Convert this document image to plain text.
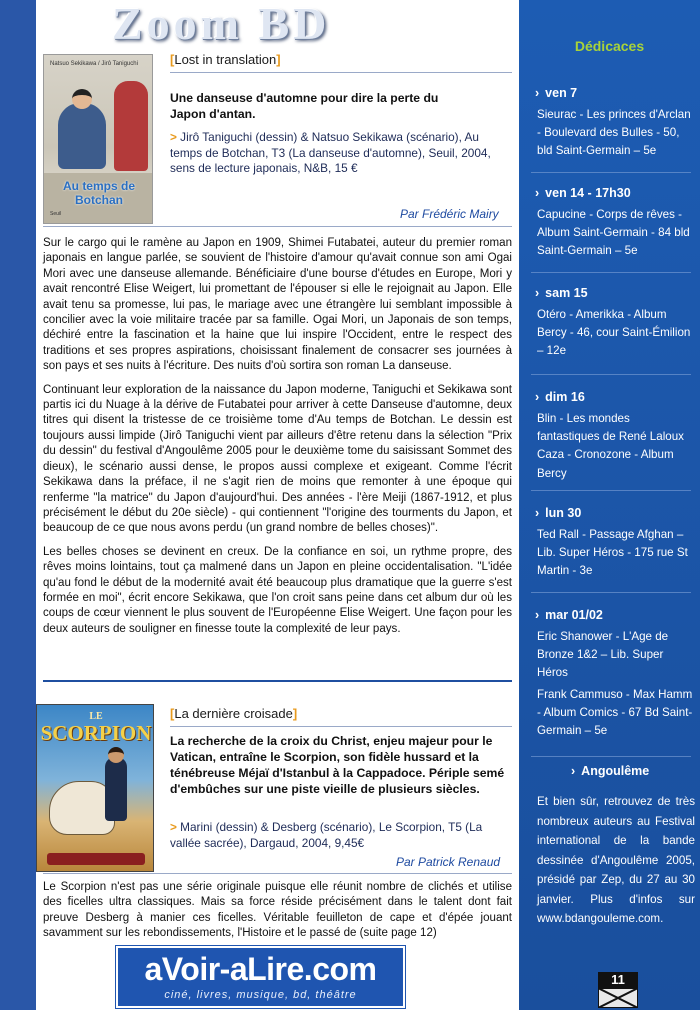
Zoom BD
Natsuo Sekikawa / Jirô Taniguchi
Au temps de Botchan
Seuil
[Lost in translation]
Une danseuse d'automne pour dire la perte du Japon d'antan.
> Jirô Taniguchi (dessin) & Natsuo Sekikawa (scénario), Au temps de Botchan, T3 (La danseuse d'automne), Seuil, 2004, sens de lecture japonais, N&B, 15 €
Par Frédéric Mairy

Sur le cargo qui le ramène au Japon en 1909, Shimei Futabatei, auteur du premier roman japonais en langue parlée, se souvient de l'histoire d'amour qu'avait connue son ami Ogai Mori avec une danseuse allemande. Bénéficiaire d'une bourse d'études en Europe, Mori y avait rencontré Elise Weigert, lui promettant de l'épouser si elle le rejoignait au Japon. Elle avait tenu sa promesse, lui pas, le mariage avec une étrangère lui semblant impossible à concilier avec la voie militaire tracée par sa famille. Ogai Mori, un Japonais de son temps, déchiré entre la fascination et la haine que lui inspire l'Occident, entre le respect des traditions et ses propres aspirations, choisissant finalement de consacrer ses journées à son pays et ses nuits à l'écriture. Des nuits d'où sortira son roman La danseuse.

Continuant leur exploration de la naissance du Japon moderne, Taniguchi et Sekikawa sont partis ici du Nuage à la dérive de Futabatei pour arriver à cette Danseuse d'automne, deux titres qui disent la tristesse de ce troisième tome d'Au temps de Botchan. Le dessin est toujours aussi limpide (Jirô Taniguchi vient par ailleurs d'être retenu dans la sélection "Prix du dessin" du festival d'Angoulême 2005 pour le deuxième tome du saisissant Sommet des dieux), le scénario aussi dense, le propos aussi complexe et exigeant. Comme l'écrit Sekikawa dans la préface, il ne s'agit rien de moins que remonter à une époque qui renferme "la matrice" du Japon d'aujourd'hui. Des années - l'ère Meiji (1867-1912, et plus précisément le début du 20e siècle) - qui contiennent "l'origine des tourments du Japon, et beaucoup de ce que nous avons perdu (un grand nombre de belles choses)".

Les belles choses se devinent en creux. De la confiance en soi, un rythme propre, des rêves moins lointains, tout ça malmené dans un Japon en pleine occidentalisation. "L'idée qu'au fond le début de la modernité avait été beaucoup plus dramatique que la guerre s'est formée en moi", écrit encore Sekikawa, que l'on croit sans peine dans cet album dur où les coups de cœur viennent le plus souvent de l'Européenne Elise Weigert. Une façon pour les deux auteurs de souligner en finesse toute la complexité de leur pays.

LE
SCORPION
[La dernière croisade]
La recherche de la croix du Christ, enjeu majeur pour le Vatican, entraîne le Scorpion, son fidèle hussard et la ténébreuse Méjaï d'Istanbul à la Cappadoce. Périple semé d'embûches sur une piste vieille de plusieurs siècles.
> Marini (dessin) & Desberg (scénario), Le Scorpion, T5 (La vallée sacrée), Dargaud, 2004, 9,45€
Par Patrick Renaud

Le Scorpion n'est pas une série originale puisque elle réunit nombre de clichés et utilise des ficelles ultra classiques. Mais sa force réside précisément dans le talent dont fait preuve Desberg à manier ces ficelles. Véritable feuilleton de cape et d'épée jouant savamment sur les rebondissements, l'Histoire et le passé de (suite page 12)

aVoir-aLire.com
ciné, livres, musique, bd, théâtre
Dédicaces
› ven 7
Sieurac - Les princes d'Arclan - Boulevard des Bulles - 50, bld Saint-Germain – 5e
› ven 14 - 17h30
Capucine - Corps de rêves - Album Saint-Germain - 84 bld Saint-Germain – 5e
› sam 15
Otéro - Amerikka - Album Bercy - 46, cour Saint-Émilion – 12e
› dim 16
Blin - Les mondes fantastiques de René Laloux Caza - Cronozone - Album Bercy
› lun 30
Ted Rall - Passage Afghan – Lib. Super Héros - 175 rue St Martin - 3e
› mar 01/02
Eric Shanower - L'Age de Bronze 1&2 – Lib. Super Héros
Frank Cammuso - Max Hamm - Album Comics - 67 Bd Saint-Germain – 5e
› Angoulême
Et bien sûr, retrouvez de très nombreux auteurs au Festival international de la bande dessinée d'Angoulême 2005, présidé par Zep, du 27 au 30 janvier. Plus d'infos sur www.bdangouleme.com.
11
